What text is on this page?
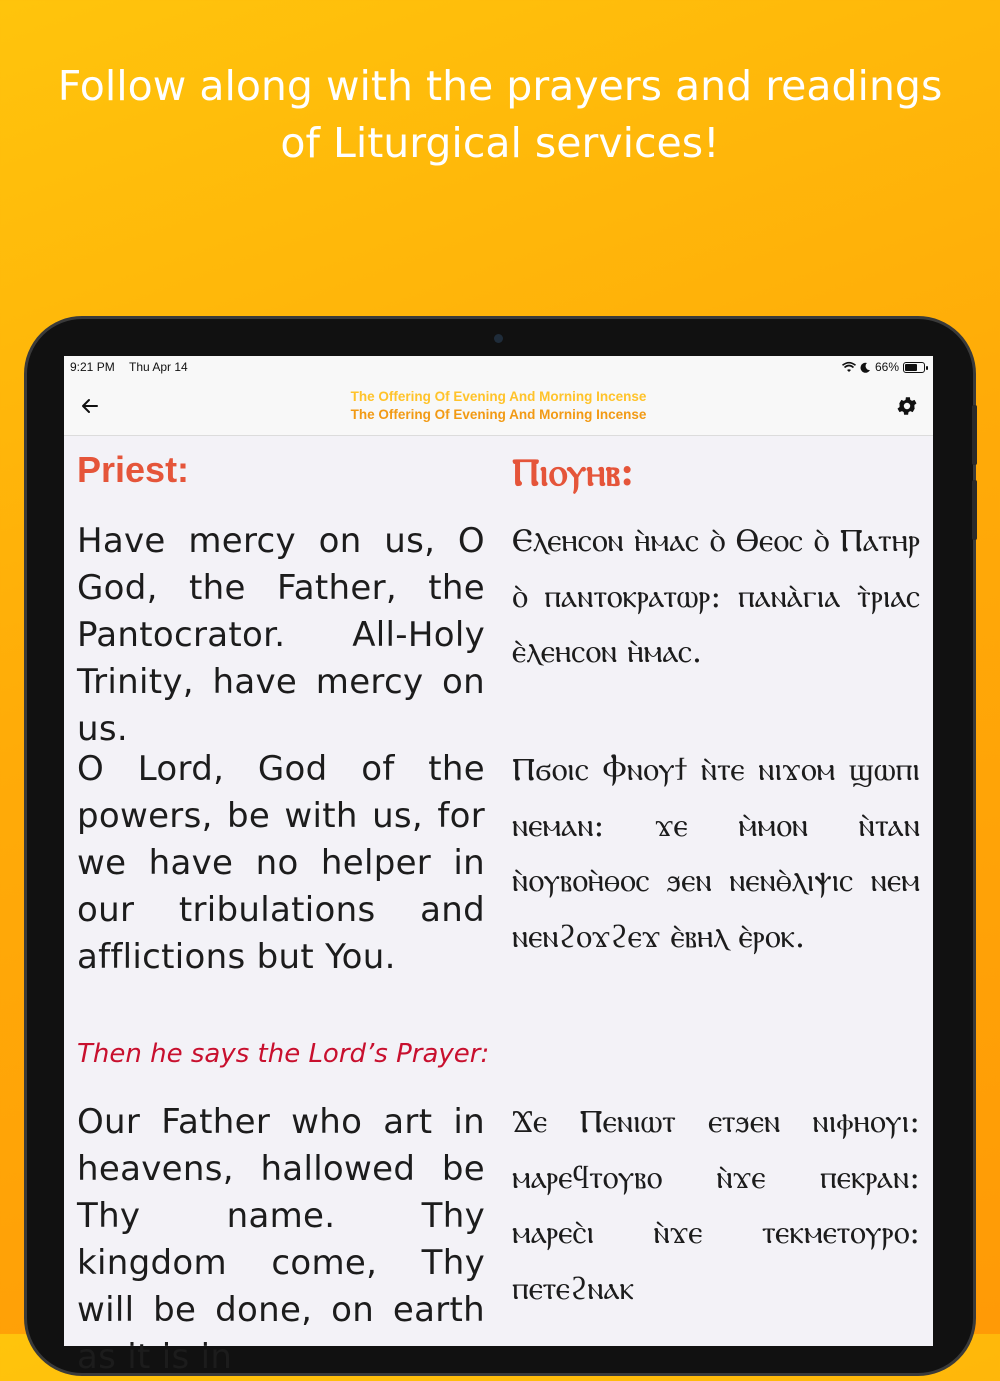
Follow along with the prayers and readings of Liturgical services!
9:21 PM Thu Apr 14	66%
The Offering Of Evening And Morning Incense
The Offering Of Evening And Morning Incense
Priest:
Have mercy on us, O God, the Father, the Pantocrator. All-Holy Trinity, have mercy on us.
O Lord, God of the powers, be with us, for we have no helper in our tribulations and afflictions but You.
Then he says the Lord’s Prayer:
Our Father who art in heavens, hallowed be Thy name. Thy kingdom come, Thy will be done, on earth as it is in
Ⲡⲓⲟⲩⲏⲃ:
Ⲉⲗⲉⲏⲥⲟⲛ ⲏ̀ⲙⲁⲥ ⲟ̀ Ⲑⲉⲟⲥ ⲟ̀ Ⲡⲁⲧⲏⲣ ⲟ̀ ⲡⲁⲛⲧⲟⲕⲣⲁⲧⲱⲣ: ⲡⲁⲛⲁ̀ⲅⲓⲁ ⲧ̀ⲣⲓⲁⲥ ⲉ̀ⲗⲉⲏⲥⲟⲛ ⲏ̀ⲙⲁⲥ.
Ⲡϭⲟⲓⲥ Ⲫⲛⲟⲩϯ ⲛ̀ⲧⲉ ⲛⲓϫⲟⲙ ϣⲱⲡⲓ ⲛⲉⲙⲁⲛ: ϫⲉ ⲙ̀ⲙⲟⲛ ⲛ̀ⲧⲁⲛ ⲛ̀ⲟⲩⲃⲟⲏ̀ⲑⲟⲥ ϧⲉⲛ ⲛⲉⲛⲑ̀ⲗⲓⲯⲓⲥ ⲛⲉⲙ ⲛⲉⲛϩⲟϫϩⲉϫ ⲉ̀ⲃⲏⲗ ⲉ̀ⲣⲟⲕ.
Ϫⲉ Ⲡⲉⲛⲓⲱⲧ ⲉⲧϧⲉⲛ ⲛⲓⲫⲏⲟⲩⲓ: ⲙⲁⲣⲉϥⲧⲟⲩⲃⲟ ⲛ̀ϫⲉ ⲡⲉⲕⲣⲁⲛ: ⲙⲁⲣⲉⲥ̀ⲓ ⲛ̀ϫⲉ ⲧⲉⲕⲙⲉⲧⲟⲩⲣⲟ: ⲡⲉⲧⲉϩⲛⲁⲕ
